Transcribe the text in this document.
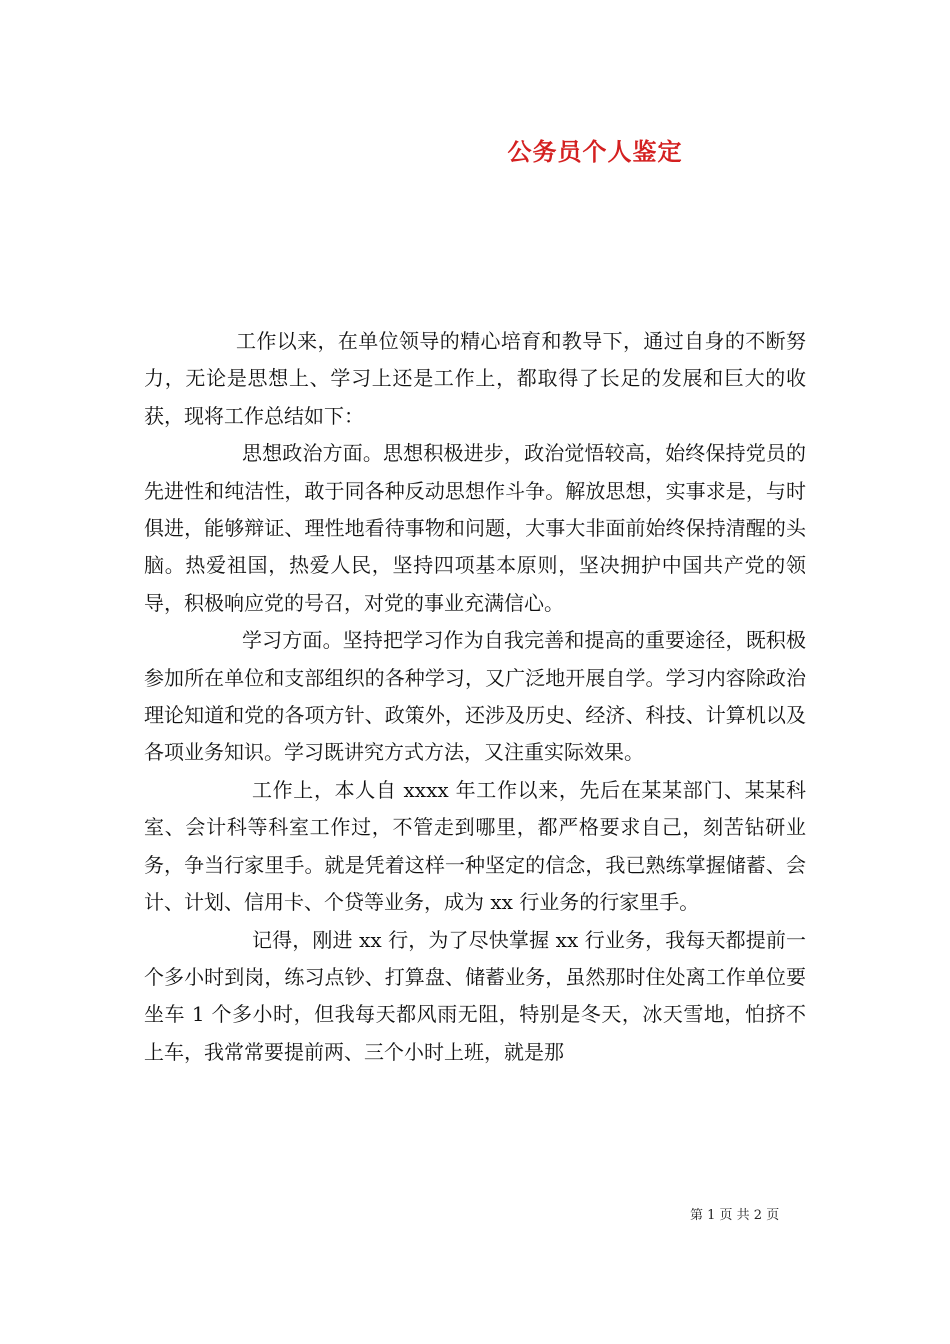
公务员个人鉴定

工作以来，在单位领导的精心培育和教导下，通过自身的不断努力，无论是思想上、学习上还是工作上，都取得了长足的发展和巨大的收获，现将工作总结如下：

思想政治方面。思想积极进步，政治觉悟较高，始终保持党员的先进性和纯洁性，敢于同各种反动思想作斗争。解放思想，实事求是，与时俱进，能够辩证、理性地看待事物和问题，大事大非面前始终保持清醒的头脑。热爱祖国，热爱人民，坚持四项基本原则，坚决拥护中国共产党的领导，积极响应党的号召，对党的事业充满信心。

学习方面。坚持把学习作为自我完善和提高的重要途径，既积极参加所在单位和支部组织的各种学习，又广泛地开展自学。学习内容除政治理论知道和党的各项方针、政策外，还涉及历史、经济、科技、计算机以及各项业务知识。学习既讲究方式方法，又注重实际效果。

工作上，本人自 xxxx 年工作以来，先后在某某部门、某某科室、会计科等科室工作过，不管走到哪里，都严格要求自己，刻苦钻研业务，争当行家里手。就是凭着这样一种坚定的信念，我已熟练掌握储蓄、会计、计划、信用卡、个贷等业务，成为 xx 行业务的行家里手。

记得，刚进 xx 行，为了尽快掌握 xx 行业务，我每天都提前一个多小时到岗，练习点钞、打算盘、储蓄业务，虽然那时住处离工作单位要坐车 1 个多小时，但我每天都风雨无阻，特别是冬天，冰天雪地，怕挤不上车，我常常要提前两、三个小时上班，就是那

第 1 页 共 2 页
